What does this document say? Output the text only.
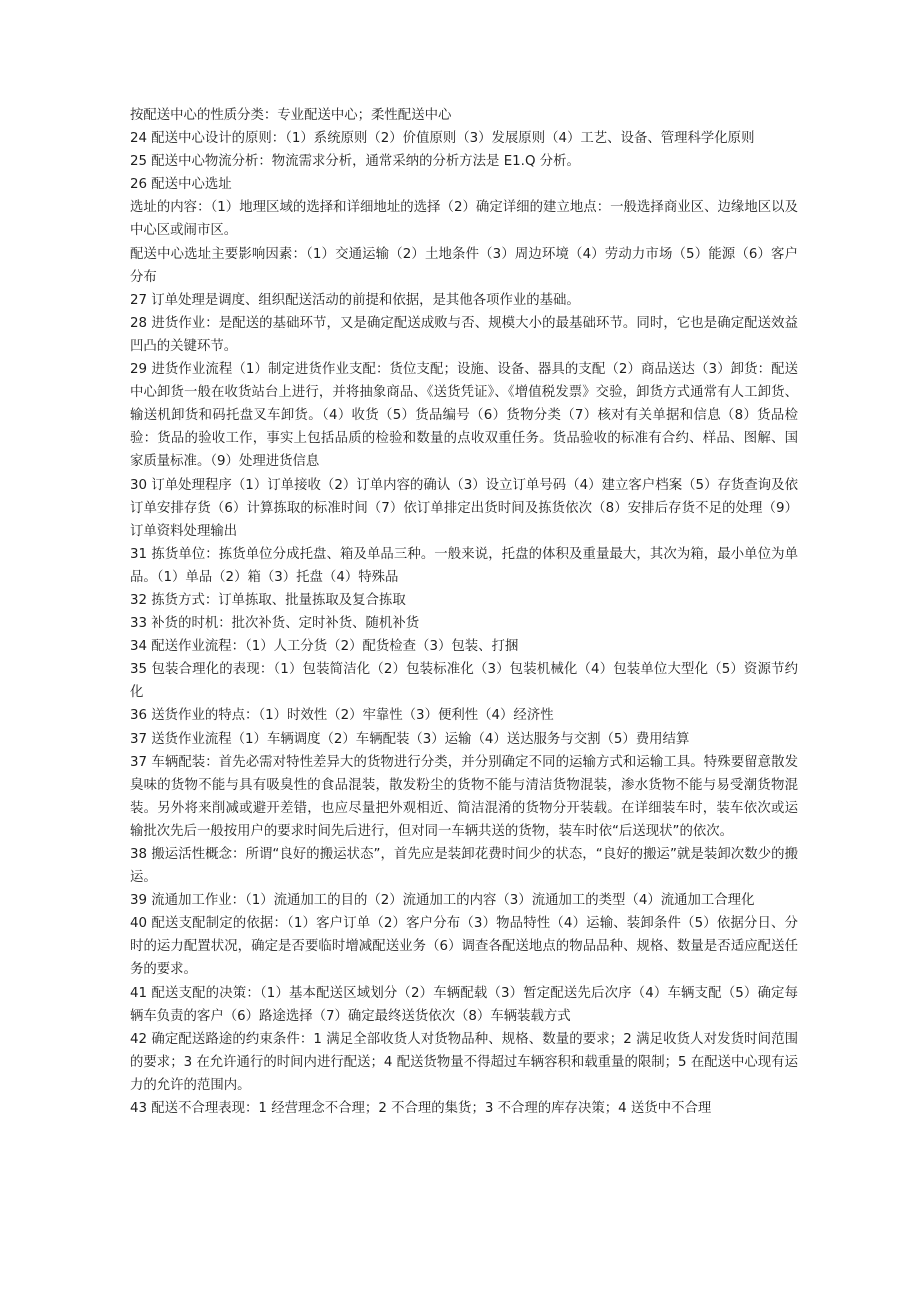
按配送中心的性质分类：专业配送中心；柔性配送中心

24 配送中心设计的原则：（1）系统原则（2）价值原则（3）发展原则（4）工艺、设备、管理科学化原则

25 配送中心物流分析：物流需求分析，通常采纳的分析方法是 E1.Q 分析。

26 配送中心选址

选址的内容：（1）地理区域的选择和详细地址的选择（2）确定详细的建立地点：一般选择商业区、边缘地区以及中心区或闹市区。

配送中心选址主要影响因素：（1）交通运输（2）土地条件（3）周边环境（4）劳动力市场（5）能源（6）客户分布

27 订单处理是调度、组织配送活动的前提和依据，是其他各项作业的基础。

28 进货作业：是配送的基础环节，又是确定配送成败与否、规模大小的最基础环节。同时，它也是确定配送效益凹凸的关键环节。

29 进货作业流程（1）制定进货作业支配：货位支配；设施、设备、器具的支配（2）商品送达（3）卸货：配送中心卸货一般在收货站台上进行，并将抽象商品、《送货凭证》、《增值税发票》交验，卸货方式通常有人工卸货、输送机卸货和码托盘叉车卸货。（4）收货（5）货品编号（6）货物分类（7）核对有关单据和信息（8）货品检验：货品的验收工作，事实上包括品质的检验和数量的点收双重任务。货品验收的标准有合约、样品、图解、国家质量标准。（9）处理进货信息

30 订单处理程序（1）订单接收（2）订单内容的确认（3）设立订单号码（4）建立客户档案（5）存货查询及依订单安排存货（6）计算拣取的标准时间（7）依订单排定出货时间及拣货依次（8）安排后存货不足的处理（9）订单资料处理输出

31 拣货单位：拣货单位分成托盘、箱及单品三种。一般来说，托盘的体积及重量最大，其次为箱，最小单位为单品。（1）单品（2）箱（3）托盘（4）特殊品

32 拣货方式：订单拣取、批量拣取及复合拣取

33 补货的时机：批次补货、定时补货、随机补货

34 配送作业流程：（1）人工分货（2）配货检查（3）包装、打捆

35 包装合理化的表现：（1）包装简洁化（2）包装标准化（3）包装机械化（4）包装单位大型化（5）资源节约化

36 送货作业的特点：（1）时效性（2）牢靠性（3）便利性（4）经济性

37 送货作业流程（1）车辆调度（2）车辆配装（3）运输（4）送达服务与交割（5）费用结算

37 车辆配装：首先必需对特性差异大的货物进行分类，并分别确定不同的运输方式和运输工具。特殊要留意散发臭味的货物不能与具有吸臭性的食品混装，散发粉尘的货物不能与清洁货物混装，渗水货物不能与易受潮货物混装。另外将来削减或避开差错，也应尽量把外观相近、简洁混淆的货物分开装载。在详细装车时，装车依次或运输批次先后一般按用户的要求时间先后进行，但对同一车辆共送的货物，装车时依“后送现状”的依次。

38 搬运活性概念：所谓“良好的搬运状态”，首先应是装卸花费时间少的状态，“良好的搬运”就是装卸次数少的搬运。

39 流通加工作业：（1）流通加工的目的（2）流通加工的内容（3）流通加工的类型（4）流通加工合理化

40 配送支配制定的依据：（1）客户订单（2）客户分布（3）物品特性（4）运输、装卸条件（5）依据分日、分时的运力配置状况，确定是否要临时增减配送业务（6）调查各配送地点的物品品种、规格、数量是否适应配送任务的要求。

41 配送支配的决策：（1）基本配送区域划分（2）车辆配载（3）暂定配送先后次序（4）车辆支配（5）确定每辆车负责的客户（6）路途选择（7）确定最终送货依次（8）车辆装载方式

42 确定配送路途的约束条件：1 满足全部收货人对货物品种、规格、数量的要求；2 满足收货人对发货时间范围的要求；3 在允许通行的时间内进行配送；4 配送货物量不得超过车辆容积和载重量的限制；5 在配送中心现有运力的允许的范围内。

43 配送不合理表现：1 经营理念不合理；2 不合理的集货；3 不合理的库存决策；4 送货中不合理
